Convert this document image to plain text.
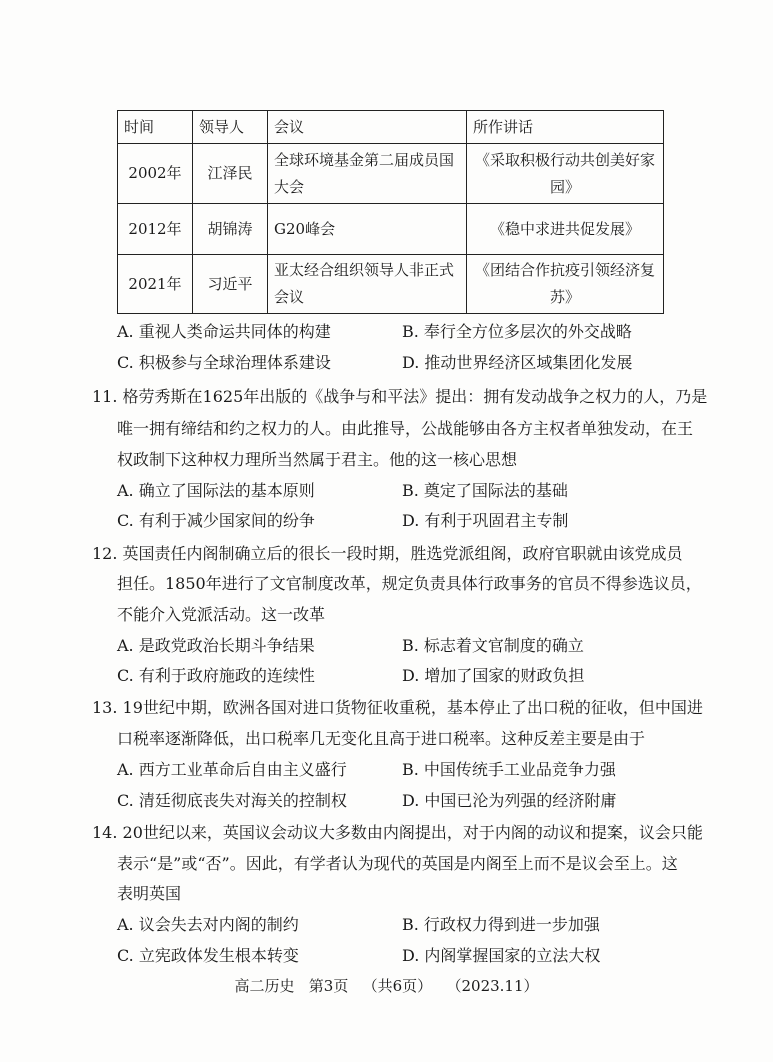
时间	领导人	会议	所作讲话
2002年	江泽民	全球环境基金第二届成员国大会	《采取积极行动共创美好家园》
2012年	胡锦涛	G20峰会	《稳中求进共促发展》
2021年	习近平	亚太经合组织领导人非正式会议	《团结合作抗疫引领经济复苏》
A. 重视人类命运共同体的构建	B. 奉行全方位多层次的外交战略
C. 积极参与全球治理体系建设	D. 推动世界经济区域集团化发展
11. 格劳秀斯在1625年出版的《战争与和平法》提出：拥有发动战争之权力的人，乃是
唯一拥有缔结和约之权力的人。由此推导，公战能够由各方主权者单独发动，在王
权政制下这种权力理所当然属于君主。他的这一核心思想
A. 确立了国际法的基本原则	B. 奠定了国际法的基础
C. 有利于减少国家间的纷争	D. 有利于巩固君主专制
12. 英国责任内阁制确立后的很长一段时期，胜选党派组阁，政府官职就由该党成员
担任。1850年进行了文官制度改革，规定负责具体行政事务的官员不得参选议员，
不能介入党派活动。这一改革
A. 是政党政治长期斗争结果	B. 标志着文官制度的确立
C. 有利于政府施政的连续性	D. 增加了国家的财政负担
13. 19世纪中期，欧洲各国对进口货物征收重税，基本停止了出口税的征收，但中国进
口税率逐渐降低，出口税率几无变化且高于进口税率。这种反差主要是由于
A. 西方工业革命后自由主义盛行	B. 中国传统手工业品竞争力强
C. 清廷彻底丧失对海关的控制权	D. 中国已沦为列强的经济附庸
14. 20世纪以来，英国议会动议大多数由内阁提出，对于内阁的动议和提案，议会只能
表示“是”或“否”。因此，有学者认为现代的英国是内阁至上而不是议会至上。这
表明英国
A. 议会失去对内阁的制约	B. 行政权力得到进一步加强
C. 立宪政体发生根本转变	D. 内阁掌握国家的立法大权
高二历史   第3页   （共6页）   （2023.11）
